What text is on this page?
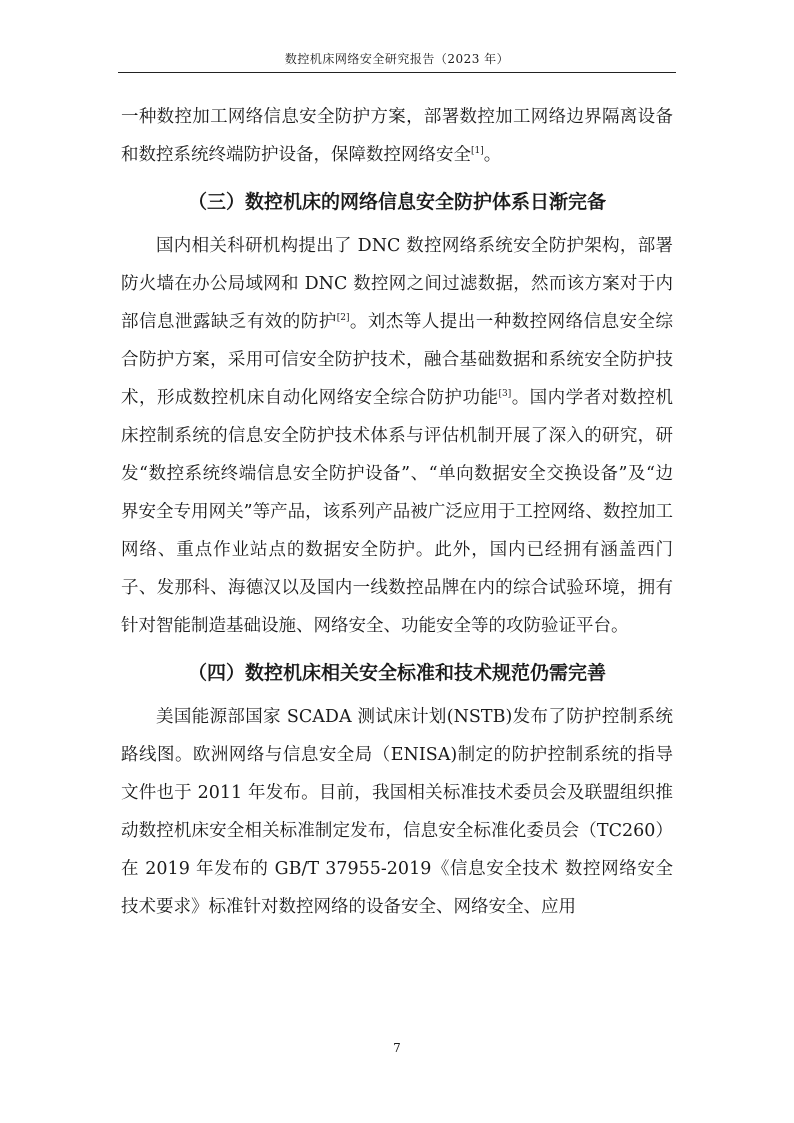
数控机床网络安全研究报告（2023 年）

一种数控加工网络信息安全防护方案，部署数控加工网络边界隔离设备和数控系统终端防护设备，保障数控网络安全[1]。

（三）数控机床的网络信息安全防护体系日渐完备

国内相关科研机构提出了 DNC 数控网络系统安全防护架构，部署防火墙在办公局域网和 DNC 数控网之间过滤数据，然而该方案对于内部信息泄露缺乏有效的防护[2]。刘杰等人提出一种数控网络信息安全综合防护方案，采用可信安全防护技术，融合基础数据和系统安全防护技术，形成数控机床自动化网络安全综合防护功能[3]。国内学者对数控机床控制系统的信息安全防护技术体系与评估机制开展了深入的研究，研发“数控系统终端信息安全防护设备”、“单向数据安全交换设备”及“边界安全专用网关”等产品，该系列产品被广泛应用于工控网络、数控加工网络、重点作业站点的数据安全防护。此外，国内已经拥有涵盖西门子、发那科、海德汉以及国内一线数控品牌在内的综合试验环境，拥有针对智能制造基础设施、网络安全、功能安全等的攻防验证平台。

（四）数控机床相关安全标准和技术规范仍需完善

美国能源部国家 SCADA 测试床计划(NSTB)发布了防护控制系统路线图。欧洲网络与信息安全局（ENISA)制定的防护控制系统的指导文件也于 2011 年发布。目前，我国相关标准技术委员会及联盟组织推动数控机床安全相关标准制定发布，信息安全标准化委员会（TC260）在 2019 年发布的 GB/T 37955-2019《信息安全技术 数控网络安全技术要求》标准针对数控网络的设备安全、网络安全、应用

7
